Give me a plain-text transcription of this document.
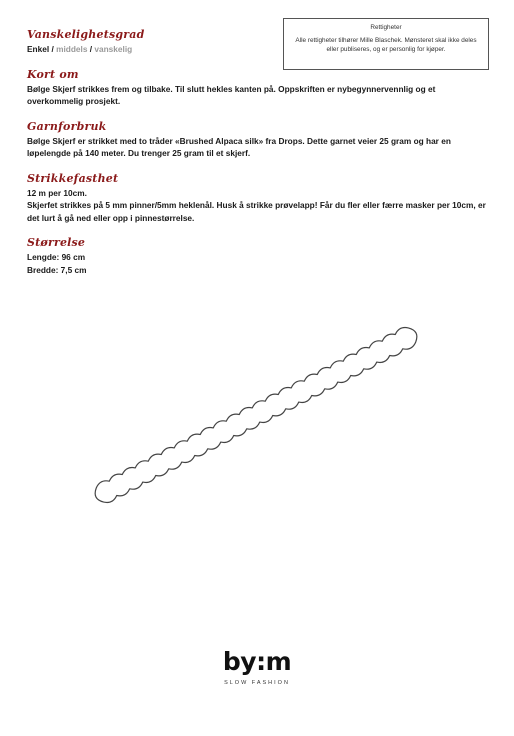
Rettigheter
Alle rettigheter tilhører Mille Blaschek. Mønsteret skal ikke deles eller publiseres, og er personlig for kjøper.
Vanskelighetsgrad

Enkel / middels / vanskelig

Kort om

Bølge Skjerf strikkes frem og tilbake. Til slutt hekles kanten på. Oppskriften er nybegynnervennlig og et overkommelig prosjekt.

Garnforbruk

Bølge Skjerf er strikket med to tråder «Brushed Alpaca silk» fra Drops. Dette garnet veier 25 gram og har en løpelengde på 140 meter. Du trenger 25 gram til et skjerf.

Strikkefasthet

12 m per 10cm.

Skjerfet strikkes på 5 mm pinner/5mm heklenål. Husk å strikke prøvelapp! Får du fler eller færre masker per 10cm, er det lurt å gå ned eller opp i pinnestørrelse.

Størrelse

Lengde: 96 cm

Bredde: 7,5 cm

by:m
SLOW FASHION
